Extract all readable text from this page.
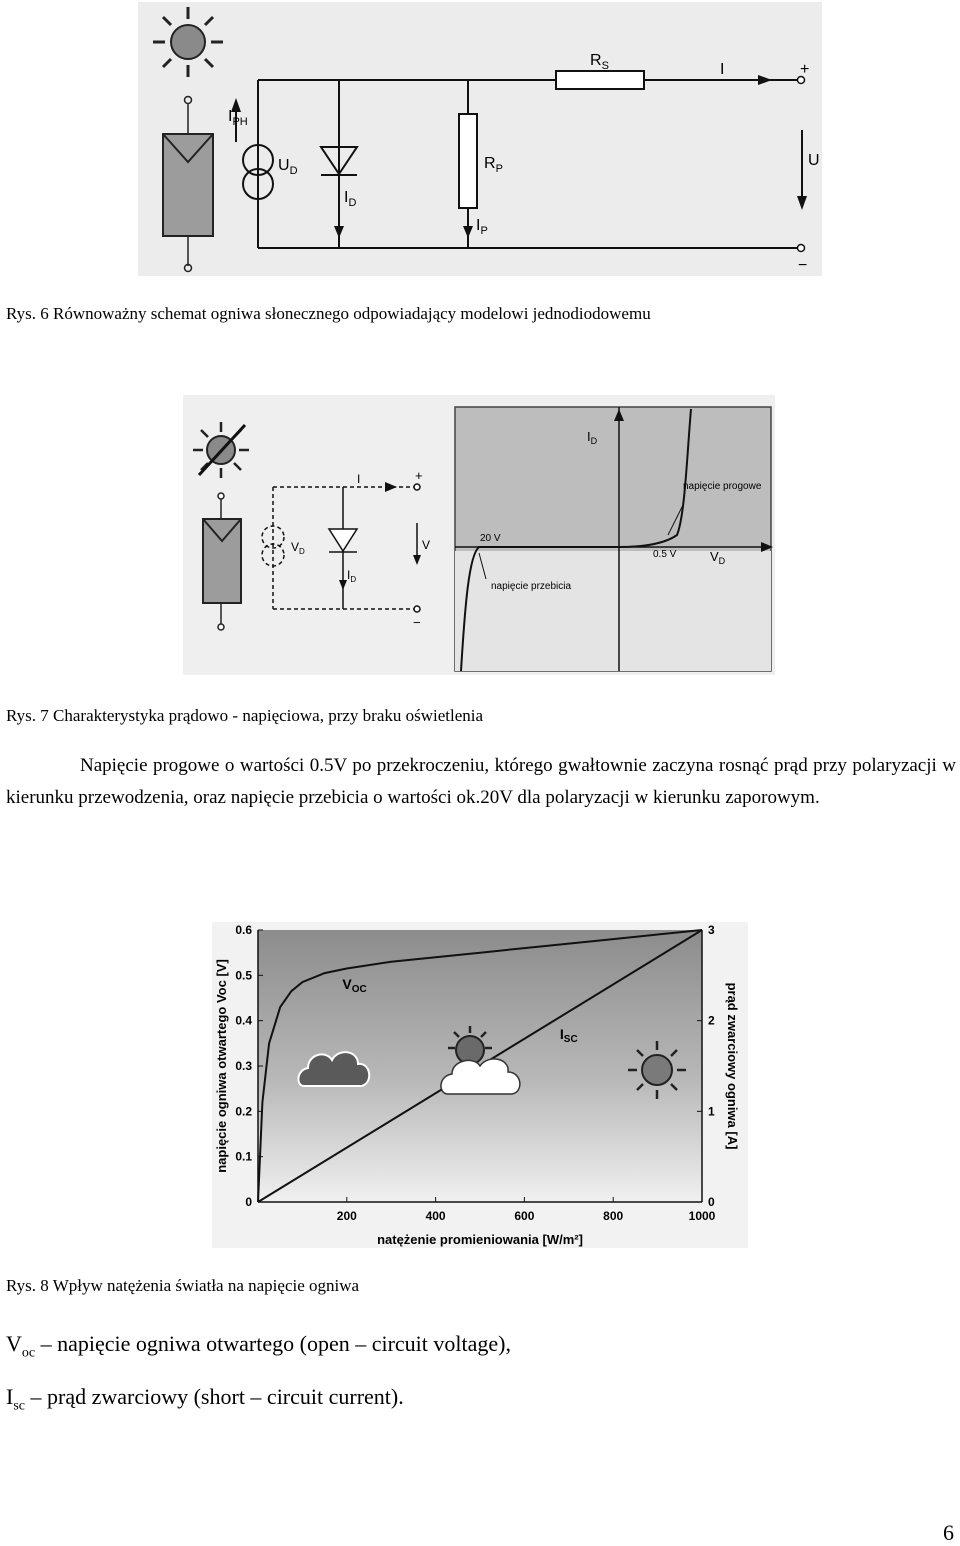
$I_{PH}$
$U_D$
$I_D$
$R_P$
$I_P$
$R_S$	I	+
U
−
Rys. 6 Równoważny schemat ogniwa słonecznego odpowiadający modelowi jednodiodowemu
$I_D$
$V_D$
0.5 V
napięcie progowe
20 V
napięcie przebicia
I	+
$V_D$	V
$I_D$
−
Rys. 7 Charakterystyka prądowo - napięciowa, przy braku oświetlenia

Napięcie progowe o wartości 0.5V po przekroczeniu, którego gwałtownie zaczyna rosnąć prąd przy polaryzacji w kierunku przewodzenia, oraz napięcie przebicia o wartości ok.20V dla polaryzacji w kierunku zaporowym.

200	400	600	800	1000
0
0.1
0.2
0.3
0.4
0.5
0.6
0
1
2
3
$V_{OC}$
$I_{SC}$
napięcie ogniwa otwartego Voc [V]	prąd zwarciowy ogniwa [A]
natężenie promieniowania [W/m²]
Rys. 8 Wpływ natężenia światła na napięcie ogniwa
$V_{oc}$ – napięcie ogniwa otwartego (open – circuit voltage),
$I_{sc}$ – prąd zwarciowy (short – circuit current).
6
